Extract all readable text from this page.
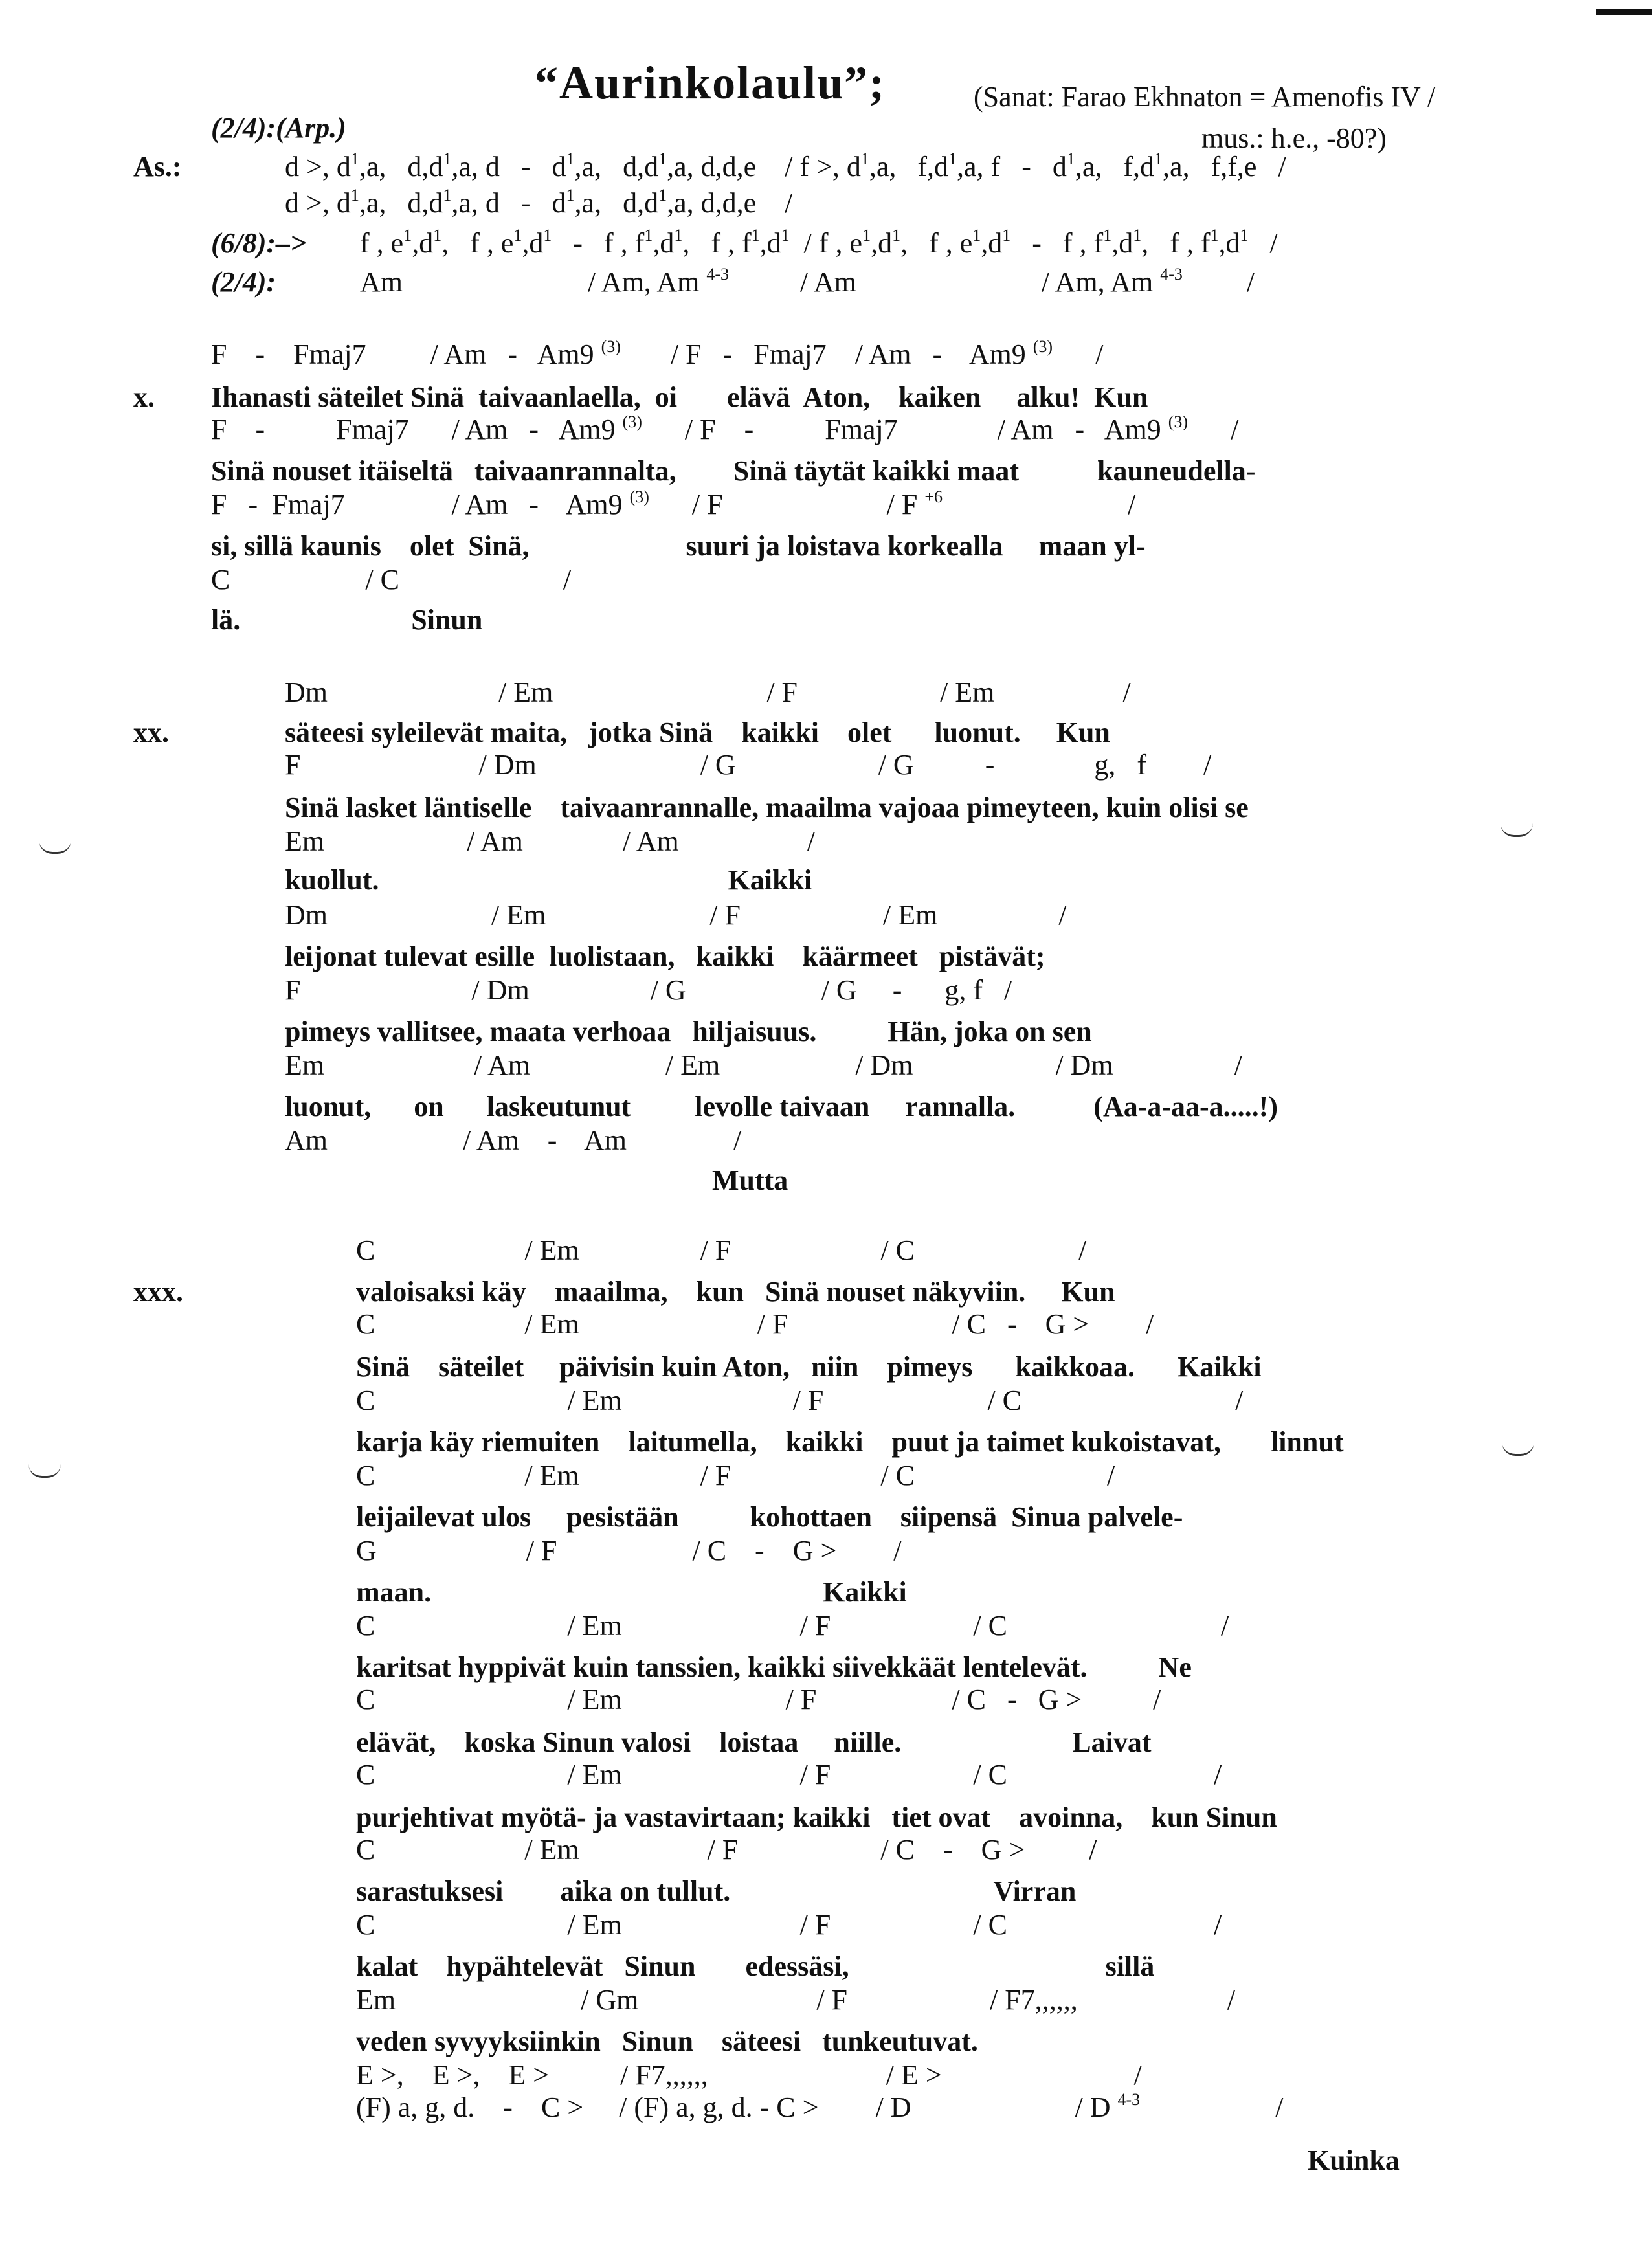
“Aurinkolaulu”;	(Sanat: Farao Ekhnaton = Amenofis IV /
mus.: h.e., -80?)
(2/4):(Arp.)
As.:
(6/8):–>
(2/4):
x.
xx.
xxx.
d >, $d^1,a$,   $d,d^1,a$, d   -   $d^1,a$,   $d,d^1,a$, d,d,e    / f >, $d^1,a$,   $f,d^1,a$, f   -   $d^1,a$,   $f,d^1,a$,   f,f,e   /
d >, $d^1,a$,   $d,d^1,a$, d   -   $d^1,a$,   $d,d^1,a$, d,d,e    /
f , $e^1,d^1$,   f , $e^1,d^1$   -   f , $f^1,d^1$,   f , $f^1,d^1$  / f , $e^1,d^1$,   f , $e^1,d^1$   -   f , $f^1,d^1$,   f , $f^1,d^1$   /
Am                          / Am, Am $^{4-3}$          / Am                          / Am, Am $^{4-3}$         /
F    -    Fmaj7         / Am   -   Am9 $^{(3)}$       / F   -   Fmaj7    / Am   -    Am9 $^{(3)}$      /
Ihanasti säteilet Sinä  taivaanlaella,  oi       elävä  Aton,    kaiken     alku!  Kun
F    -          Fmaj7      / Am   -   Am9 $^{(3)}$      / F    -          Fmaj7              / Am   -   Am9 $^{(3)}$      /
Sinä nouset itäiseltä   taivaanrannalta,        Sinä täytät kaikki maat           kauneudella-
F   -  Fmaj7               / Am   -    Am9 $^{(3)}$      / F                       / F $^{+6}$                          /
si, sillä kaunis    olet  Sinä,                      suuri ja loistava korkealla     maan yl-
C                   / C                       /
lä.                        Sinun
Dm                        / Em                              / F                    / Em                  /
säteesi syleilevät maita,   jotka Sinä    kaikki    olet      luonut.     Kun
F                         / Dm                       / G                    / G          -              g,   f        /
Sinä lasket läntiselle    taivaanrannalle, maailma vajoaa pimeyteen, kuin olisi se
Em                    / Am              / Am                  /
kuollut.                                                 Kaikki
Dm                       / Em                       / F                    / Em                 /
leijonat tulevat esille  luolistaan,   kaikki    käärmeet   pistävät;
F                        / Dm                 / G                   / G     -      g, f   /
pimeys vallitsee, maata verhoaa   hiljaisuus.          Hän, joka on sen
Em                     / Am                   / Em                   / Dm                    / Dm                 /
luonut,      on      laskeutunut         levolle taivaan     rannalla.           (Aa-a-aa-a.....!)
Am                   / Am    -    Am               /
Mutta
C                     / Em                 / F                     / C                       /
valoisaksi käy    maailma,    kun   Sinä nouset näkyviin.     Kun
C                     / Em                         / F                       / C   -    G >        /
Sinä    säteilet     päivisin kuin Aton,   niin    pimeys      kaikkoaa.      Kaikki
C                           / Em                        / F                       / C                              /
karja käy riemuiten    laitumella,    kaikki    puut ja taimet kukoistavat,       linnut
C                     / Em                 / F                     / C                           /
leijailevat ulos     pesistään          kohottaen    siipensä  Sinua palvele-
G                     / F                   / C    -    G >        /
maan.                                                       Kaikki
C                           / Em                         / F                    / C                              /
karitsat hyppivät kuin tanssien, kaikki siivekkäät lentelevät.          Ne
C                           / Em                       / F                   / C   -   G >          /
elävät,    koska Sinun valosi    loistaa     niille.                        Laivat
C                           / Em                         / F                    / C                             /
purjehtivat myötä- ja vastavirtaan; kaikki   tiet ovat    avoinna,    kun Sinun
C                     / Em                  / F                    / C    -    G >         /
sarastuksesi        aika on tullut.                                     Virran
C                           / Em                         / F                    / C                             /
kalat    hypähtelevät   Sinun       edessäsi,                                    sillä
Em                          / Gm                         / F                    / F7,,,,,,                     /
veden syvyyksiinkin   Sinun    säteesi   tunkeutuvat.
E >,    E >,    E >          / F7,,,,,,                         / E >                           /
(F) a, g, d.    -    C >     / (F) a, g, d. - C >        / D                       / D $^{4-3}$                   /
Kuinka
